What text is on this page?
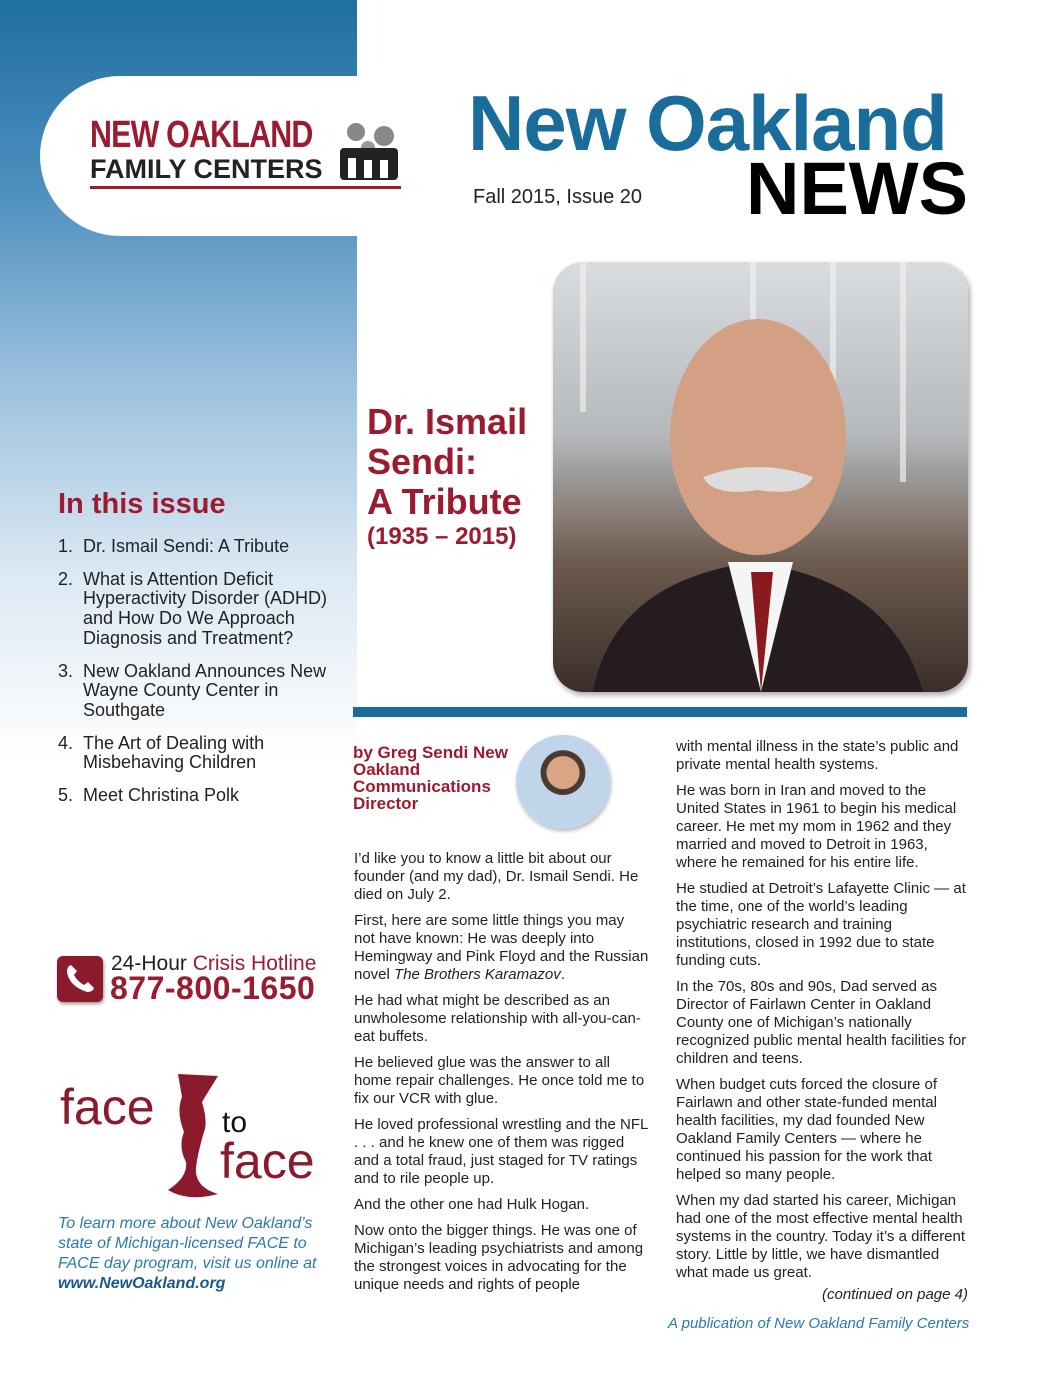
NEW OAKLAND
FAMILY CENTERS
New Oakland
NEWS
Fall 2015, Issue 20
Dr. Ismail
Sendi:
A Tribute
(1935 – 2015)
In this issue
1. Dr. Ismail Sendi: A Tribute
2. What is Attention Deficit Hyperactivity Disorder (ADHD) and How Do We Approach Diagnosis and Treatment?
3. New Oakland Announces New Wayne County Center in Southgate
4. The Art of Dealing with Misbehaving Children
5. Meet Christina Polk
24-Hour Crisis Hotline
877-800-1650
face to
face
To learn more about New Oakland’s state of Michigan-licensed FACE to FACE day program, visit us online at
www.NewOakland.org
by Greg Sendi New Oakland Communications Director

I’d like you to know a little bit about our founder (and my dad), Dr. Ismail Sendi. He died on July 2.

First, here are some little things you may not have known: He was deeply into Hemingway and Pink Floyd and the Russian novel The Brothers Karamazov.

He had what might be described as an unwholesome relationship with all-you-can-eat buffets.

He believed glue was the answer to all home repair challenges. He once told me to fix our VCR with glue.

He loved professional wrestling and the NFL . . . and he knew one of them was rigged and a total fraud, just staged for TV ratings and to rile people up.

And the other one had Hulk Hogan.

Now onto the bigger things. He was one of Michigan’s leading psychiatrists and among the strongest voices in advocating for the unique needs and rights of people

with mental illness in the state’s public and private mental health systems.

He was born in Iran and moved to the United States in 1961 to begin his medical career. He met my mom in 1962 and they married and moved to Detroit in 1963, where he remained for his entire life.

He studied at Detroit’s Lafayette Clinic — at the time, one of the world’s leading psychiatric research and training institutions, closed in 1992 due to state funding cuts.

In the 70s, 80s and 90s, Dad served as Director of Fairlawn Center in Oakland County one of Michigan’s nationally recognized public mental health facilities for children and teens.

When budget cuts forced the closure of Fairlawn and other state-funded mental health facilities, my dad founded New Oakland Family Centers — where he continued his passion for the work that helped so many people.

When my dad started his career, Michigan had one of the most effective mental health systems in the country. Today it’s a different story. Little by little, we have dismantled what made us great.

(continued on page 4)
A publication of New Oakland Family Centers
